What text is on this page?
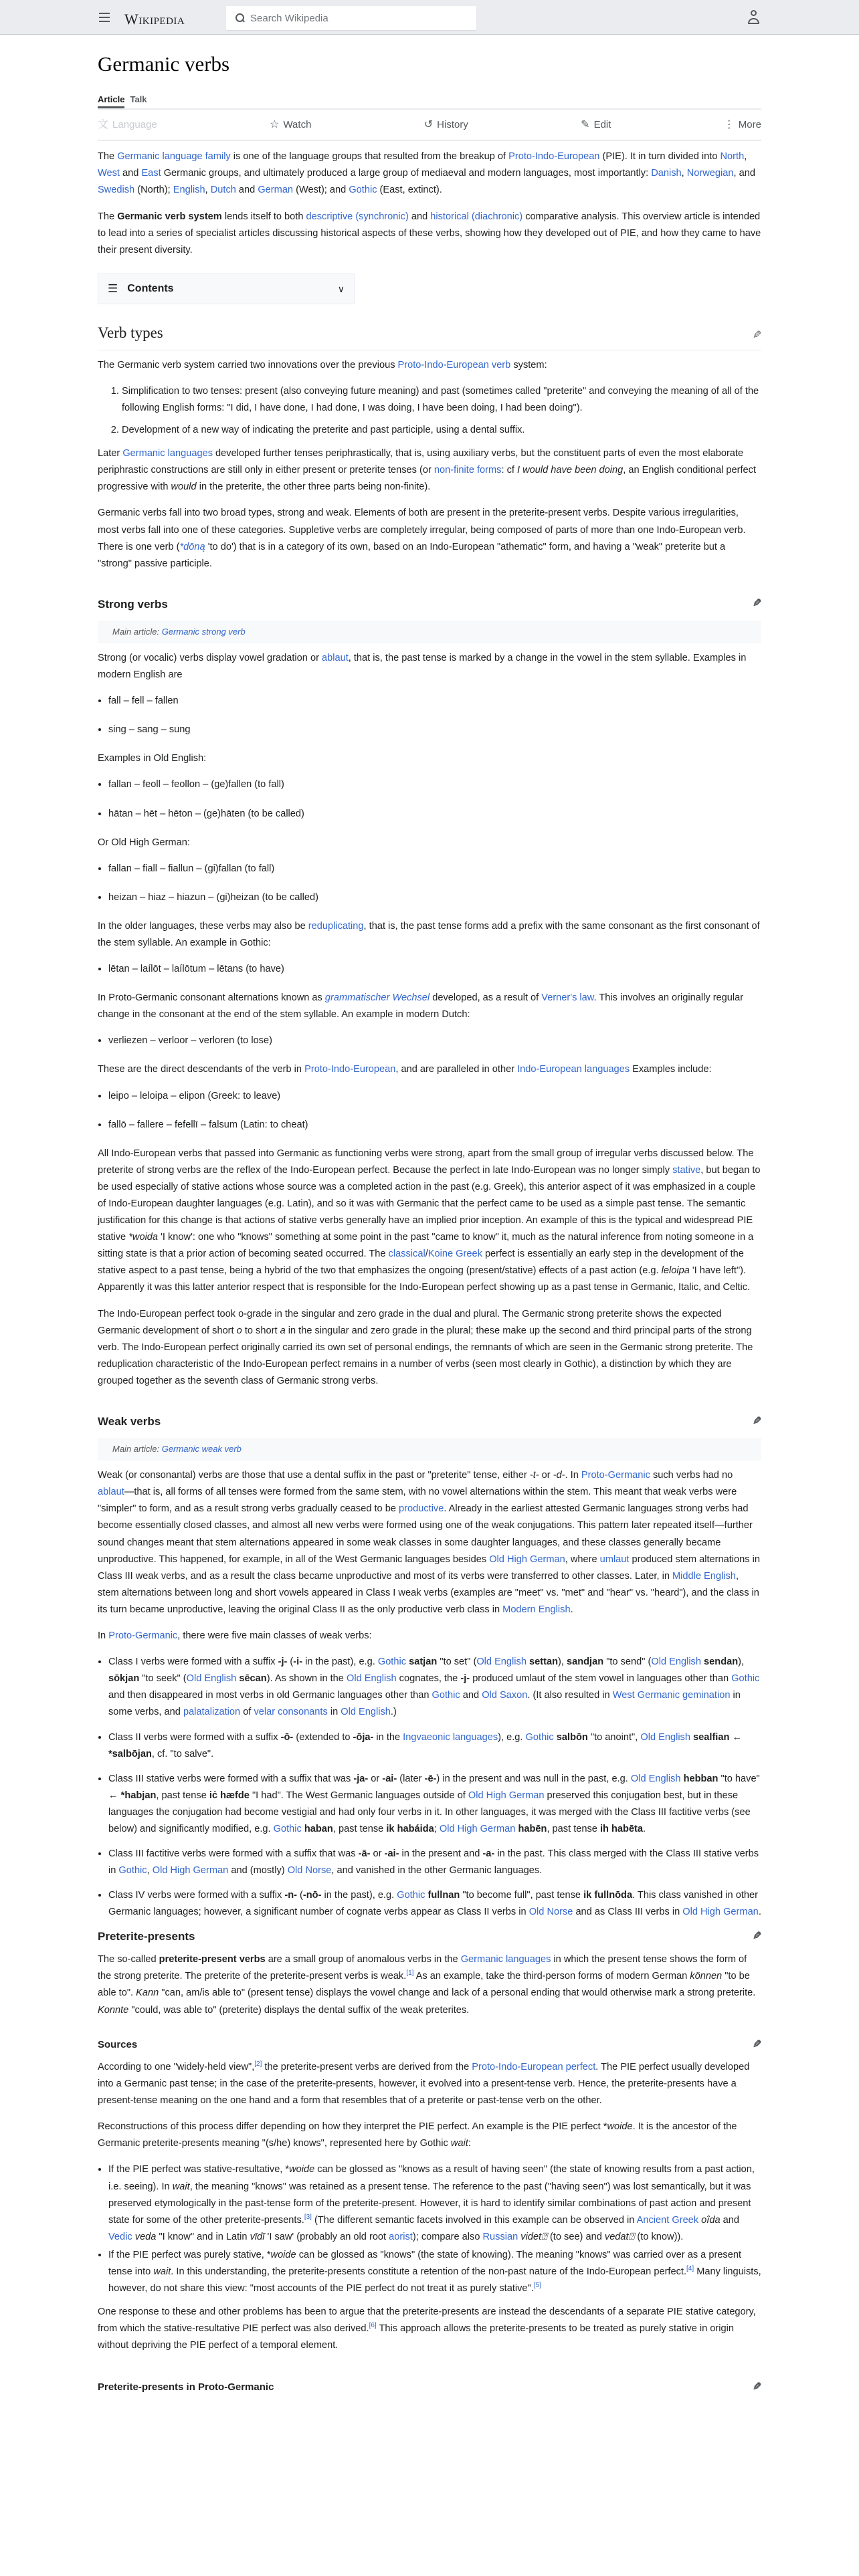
Wikipedia
Search Wikipedia
Germanic verbs
Article Talk
文 Language	☆ Watch	↺ History	✎ Edit	⋮ More

The Germanic language family is one of the language groups that resulted from the breakup of Proto-Indo-European (PIE). It in turn divided into North, West and East Germanic groups, and ultimately produced a large group of mediaeval and modern languages, most importantly: Danish, Norwegian, and Swedish (North); English, Dutch and German (West); and Gothic (East, extinct).

The Germanic verb system lends itself to both descriptive (synchronic) and historical (diachronic) comparative analysis. This overview article is intended to lead into a series of specialist articles discussing historical aspects of these verbs, showing how they developed out of PIE, and how they came to have their present diversity.

☰ Contents	∨
Verb types	✎

The Germanic verb system carried two innovations over the previous Proto-Indo-European verb system:

1. Simplification to two tenses: present (also conveying future meaning) and past (sometimes called "preterite" and conveying the meaning of all of the following English forms: "I did, I have done, I had done, I was doing, I have been doing, I had been doing").
2. Development of a new way of indicating the preterite and past participle, using a dental suffix.

Later Germanic languages developed further tenses periphrastically, that is, using auxiliary verbs, but the constituent parts of even the most elaborate periphrastic constructions are still only in either present or preterite tenses (or non-finite forms: cf I would have been doing, an English conditional perfect progressive with would in the preterite, the other three parts being non-finite).

Germanic verbs fall into two broad types, strong and weak. Elements of both are present in the preterite-present verbs. Despite various irregularities, most verbs fall into one of these categories. Suppletive verbs are completely irregular, being composed of parts of more than one Indo-European verb. There is one verb (*dōną 'to do') that is in a category of its own, based on an Indo-European "athematic" form, and having a "weak" preterite but a "strong" passive participle.

Strong verbs	✎
Main article: Germanic strong verb

Strong (or vocalic) verbs display vowel gradation or ablaut, that is, the past tense is marked by a change in the vowel in the stem syllable. Examples in modern English are

• fall – fell – fallen
• sing – sang – sung

Examples in Old English:

• fallan – feoll – feollon – (ge)fallen (to fall)
• hātan – hēt – hēton – (ge)hāten (to be called)

Or Old High German:

• fallan – fiall – fiallun – (gi)fallan (to fall)
• heizan – hiaz – hiazun – (gi)heizan (to be called)

In the older languages, these verbs may also be reduplicating, that is, the past tense forms add a prefix with the same consonant as the first consonant of the stem syllable. An example in Gothic:

• lētan – laílōt – laílōtum – lētans (to have)

In Proto-Germanic consonant alternations known as grammatischer Wechsel developed, as a result of Verner's law. This involves an originally regular change in the consonant at the end of the stem syllable. An example in modern Dutch:

• verliezen – verloor – verloren (to lose)

These are the direct descendants of the verb in Proto-Indo-European, and are paralleled in other Indo-European languages Examples include:

• leipo – leloipa – elipon (Greek: to leave)
• fallō – fallere – fefellī – falsum (Latin: to cheat)

All Indo-European verbs that passed into Germanic as functioning verbs were strong, apart from the small group of irregular verbs discussed below. The preterite of strong verbs are the reflex of the Indo-European perfect. Because the perfect in late Indo-European was no longer simply stative, but began to be used especially of stative actions whose source was a completed action in the past (e.g. Greek), this anterior aspect of it was emphasized in a couple of Indo-European daughter languages (e.g. Latin), and so it was with Germanic that the perfect came to be used as a simple past tense. The semantic justification for this change is that actions of stative verbs generally have an implied prior inception. An example of this is the typical and widespread PIE stative *woida 'I know': one who "knows" something at some point in the past "came to know" it, much as the natural inference from noting someone in a sitting state is that a prior action of becoming seated occurred. The classical/Koine Greek perfect is essentially an early step in the development of the stative aspect to a past tense, being a hybrid of the two that emphasizes the ongoing (present/stative) effects of a past action (e.g. leloipa 'I have left"). Apparently it was this latter anterior respect that is responsible for the Indo-European perfect showing up as a past tense in Germanic, Italic, and Celtic.

The Indo-European perfect took o-grade in the singular and zero grade in the dual and plural. The Germanic strong preterite shows the expected Germanic development of short o to short a in the singular and zero grade in the plural; these make up the second and third principal parts of the strong verb. The Indo-European perfect originally carried its own set of personal endings, the remnants of which are seen in the Germanic strong preterite. The reduplication characteristic of the Indo-European perfect remains in a number of verbs (seen most clearly in Gothic), a distinction by which they are grouped together as the seventh class of Germanic strong verbs.

Weak verbs	✎
Main article: Germanic weak verb

Weak (or consonantal) verbs are those that use a dental suffix in the past or "preterite" tense, either -t- or -d-. In Proto-Germanic such verbs had no ablaut—that is, all forms of all tenses were formed from the same stem, with no vowel alternations within the stem. This meant that weak verbs were "simpler" to form, and as a result strong verbs gradually ceased to be productive. Already in the earliest attested Germanic languages strong verbs had become essentially closed classes, and almost all new verbs were formed using one of the weak conjugations. This pattern later repeated itself—further sound changes meant that stem alternations appeared in some weak classes in some daughter languages, and these classes generally became unproductive. This happened, for example, in all of the West Germanic languages besides Old High German, where umlaut produced stem alternations in Class III weak verbs, and as a result the class became unproductive and most of its verbs were transferred to other classes. Later, in Middle English, stem alternations between long and short vowels appeared in Class I weak verbs (examples are "meet" vs. "met" and "hear" vs. "heard"), and the class in its turn became unproductive, leaving the original Class II as the only productive verb class in Modern English.

In Proto-Germanic, there were five main classes of weak verbs:

• Class I verbs were formed with a suffix -j- (-i- in the past), e.g. Gothic satjan "to set" (Old English settan), sandjan "to send" (Old English sendan), sōkjan "to seek" (Old English sēcan). As shown in the Old English cognates, the -j- produced umlaut of the stem vowel in languages other than Gothic and then disappeared in most verbs in old Germanic languages other than Gothic and Old Saxon. (It also resulted in West Germanic gemination in some verbs, and palatalization of velar consonants in Old English.)
• Class II verbs were formed with a suffix -ō- (extended to -ōja- in the Ingvaeonic languages), e.g. Gothic salbōn "to anoint", Old English sealfian ← *salbōjan, cf. "to salve".
• Class III stative verbs were formed with a suffix that was -ja- or -ai- (later -ē-) in the present and was null in the past, e.g. Old English hebban "to have" ← *habjan, past tense iċ hæfde "I had". The West Germanic languages outside of Old High German preserved this conjugation best, but in these languages the conjugation had become vestigial and had only four verbs in it. In other languages, it was merged with the Class III factitive verbs (see below) and significantly modified, e.g. Gothic haban, past tense ik habáida; Old High German habēn, past tense ih habēta.
• Class III factitive verbs were formed with a suffix that was -ā- or -ai- in the present and -a- in the past. This class merged with the Class III stative verbs in Gothic, Old High German and (mostly) Old Norse, and vanished in the other Germanic languages.
• Class IV verbs were formed with a suffix -n- (-nō- in the past), e.g. Gothic fullnan "to become full", past tense ik fullnōda. This class vanished in other Germanic languages; however, a significant number of cognate verbs appear as Class II verbs in Old Norse and as Class III verbs in Old High German.
Preterite-presents	✎

The so-called preterite-present verbs are a small group of anomalous verbs in the Germanic languages in which the present tense shows the form of the strong preterite. The preterite of the preterite-present verbs is weak.[1] As an example, take the third-person forms of modern German können "to be able to". Kann "can, am/is able to" (present tense) displays the vowel change and lack of a personal ending that would otherwise mark a strong preterite. Konnte "could, was able to" (preterite) displays the dental suffix of the weak preterites.

Sources	✎

According to one "widely-held view",[2] the preterite-present verbs are derived from the Proto-Indo-European perfect. The PIE perfect usually developed into a Germanic past tense; in the case of the preterite-presents, however, it evolved into a present-tense verb. Hence, the preterite-presents have a present-tense meaning on the one hand and a form that resembles that of a preterite or past-tense verb on the other.

Reconstructions of this process differ depending on how they interpret the PIE perfect. An example is the PIE perfect *woide. It is the ancestor of the Germanic preterite-presents meaning "(s/he) knows", represented here by Gothic wait:

• If the PIE perfect was stative-resultative, *woide can be glossed as "knows as a result of having seen" (the state of knowing results from a past action, i.e. seeing). In wait, the meaning "knows" was retained as a present tense. The reference to the past ("having seen") was lost semantically, but it was preserved etymologically in the past-tense form of the preterite-present. However, it is hard to identify similar combinations of past action and present state for some of the other preterite-presents.[3] (The different semantic facets involved in this example can be observed in Ancient Greek oîda and Vedic veda "I know" and in Latin vīdī 'I saw' (probably an old root aorist); compare also Russian videt⍰ (to see) and vedat⍰ (to know)).
• If the PIE perfect was purely stative, *woide can be glossed as "knows" (the state of knowing). The meaning "knows" was carried over as a present tense into wait. In this understanding, the preterite-presents constitute a retention of the non-past nature of the Indo-European perfect.[4] Many linguists, however, do not share this view: "most accounts of the PIE perfect do not treat it as purely stative".[5]

One response to these and other problems has been to argue that the preterite-presents are instead the descendants of a separate PIE stative category, from which the stative-resultative PIE perfect was also derived.[6] This approach allows the preterite-presents to be treated as purely stative in origin without depriving the PIE perfect of a temporal element.

Preterite-presents in Proto-Germanic	✎
